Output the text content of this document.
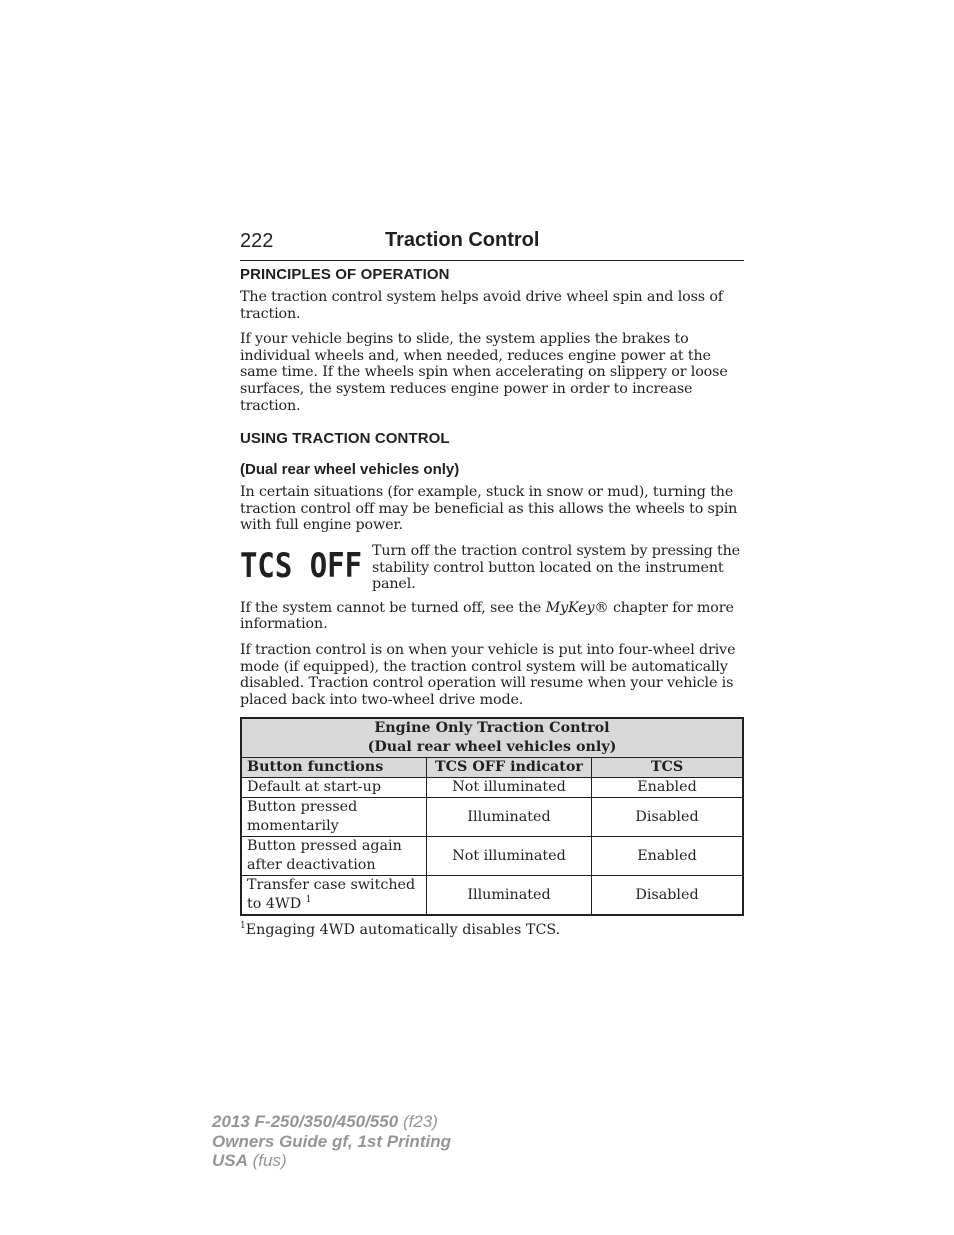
222	Traction Control
PRINCIPLES OF OPERATION

The traction control system helps avoid drive wheel spin and loss of traction.

If your vehicle begins to slide, the system applies the brakes to individual wheels and, when needed, reduces engine power at the same time. If the wheels spin when accelerating on slippery or loose surfaces, the system reduces engine power in order to increase traction.

USING TRACTION CONTROL
(Dual rear wheel vehicles only)

In certain situations (for example, stuck in snow or mud), turning the traction control off may be beneficial as this allows the wheels to spin with full engine power.

TCS OFF Turn off the traction control system by pressing the stability control button located on the instrument panel.

If the system cannot be turned off, see the MyKey® chapter for more information.

If traction control is on when your vehicle is put into four-wheel drive mode (if equipped), the traction control system will be automatically disabled. Traction control operation will resume when your vehicle is placed back into two-wheel drive mode.

Engine Only Traction Control
(Dual rear wheel vehicles only)		

Button functions	TCS OFF indicator	TCS
Default at start-up	Not illuminated	Enabled
Button pressed momentarily	Illuminated	Disabled
Button pressed again after deactivation	Not illuminated	Enabled
Transfer case switched to 4WD $^1$	Illuminated	Disabled
$^1$Engaging 4WD automatically disables TCS.
2013 F-250/350/450/550 (f23)
Owners Guide gf, 1st Printing
USA (fus)
